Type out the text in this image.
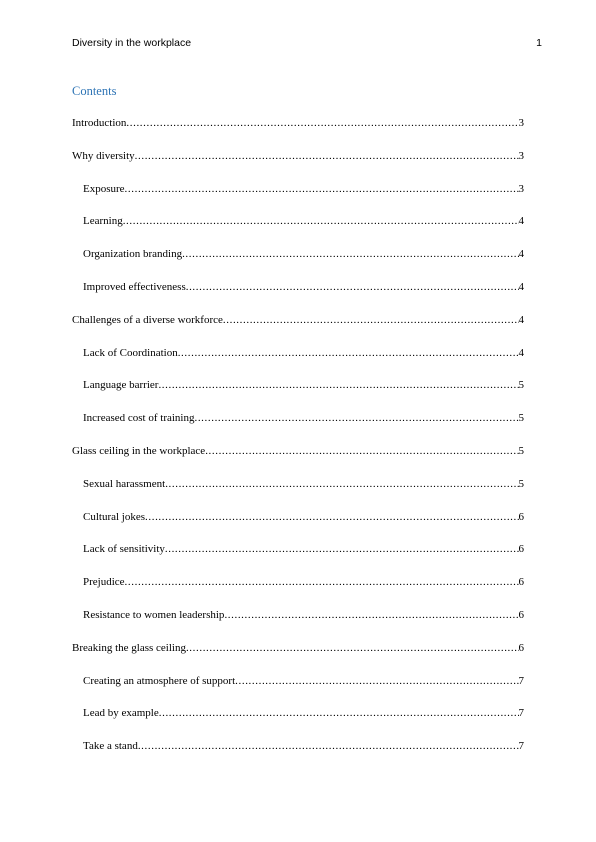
Diversity in the workplace	1
Contents
Introduction .....	3
Why diversity .....	3
Exposure .....	3
Learning .....	4
Organization branding .....	4
Improved effectiveness .....	4
Challenges of a diverse workforce .....	4
Lack of Coordination .....	4
Language barrier .....	5
Increased cost of training .....	5
Glass ceiling in the workplace .....	5
Sexual harassment .....	5
Cultural jokes .....	6
Lack of sensitivity .....	6
Prejudice .....	6
Resistance to women leadership .....	6
Breaking the glass ceiling .....	6
Creating an atmosphere of support .....	7
Lead by example .....	7
Take a stand .....	7
